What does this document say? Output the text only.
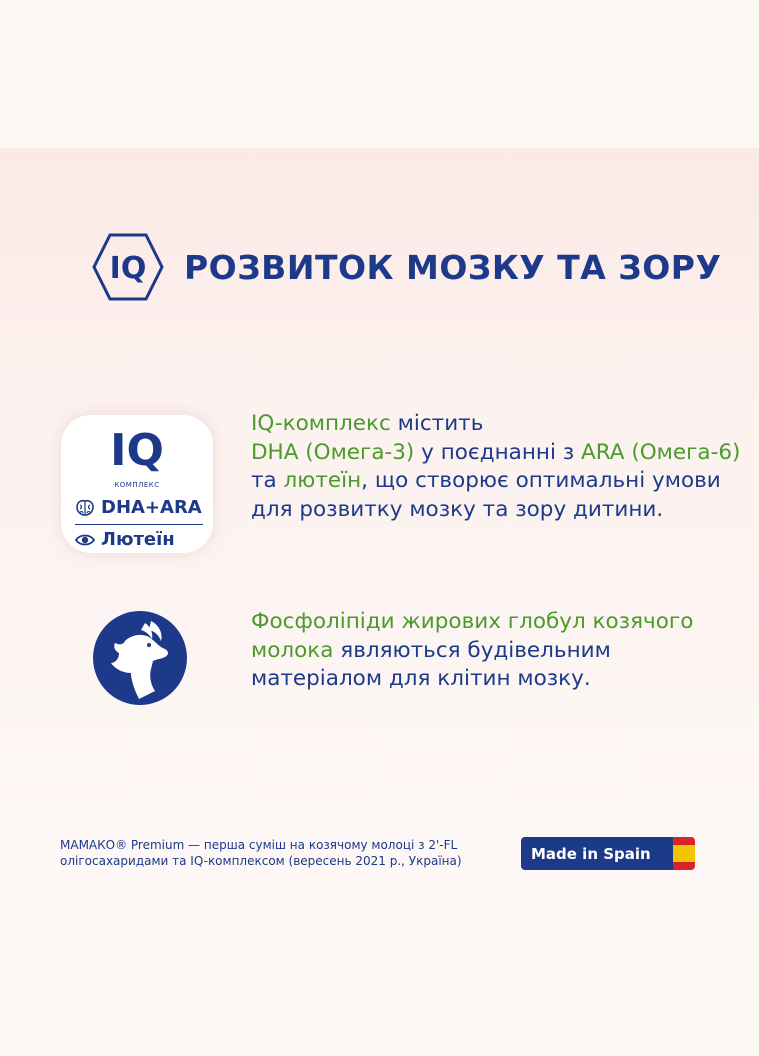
IQ РОЗВИТОК МОЗКУ ТА ЗОРУ
IQ
КОМПЛЕКС
DHA+ARA
Лютеїн
IQ-комплекс містить
DHA (Омега-3) у поєднанні з ARA (Омега-6) та лютеїн, що створює оптимальні умови для розвитку мозку та зору дитини.
Фосфоліпіди жирових глобул козячого молока являються будівельним матеріалом для клітин мозку.
МАМАКО® Premium — перша суміш на козячому молоці з 2'-FL олігосахаридами та IQ-комплексом (вересень 2021 р., Україна)	Made in Spain
